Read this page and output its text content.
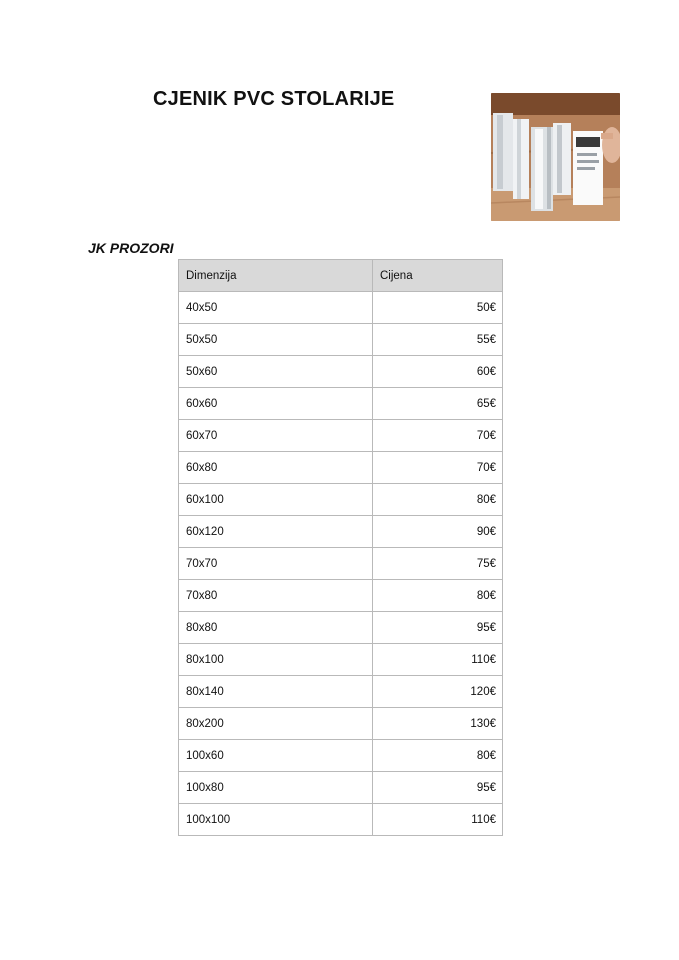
CJENIK PVC STOLARIJE
JK PROZORI
Dimenzija	Cijena
40x50	50€
50x50	55€
50x60	60€
60x60	65€
60x70	70€
60x80	70€
60x100	80€
60x120	90€
70x70	75€
70x80	80€
80x80	95€
80x100	110€
80x140	120€
80x200	130€
100x60	80€
100x80	95€
100x100	110€
